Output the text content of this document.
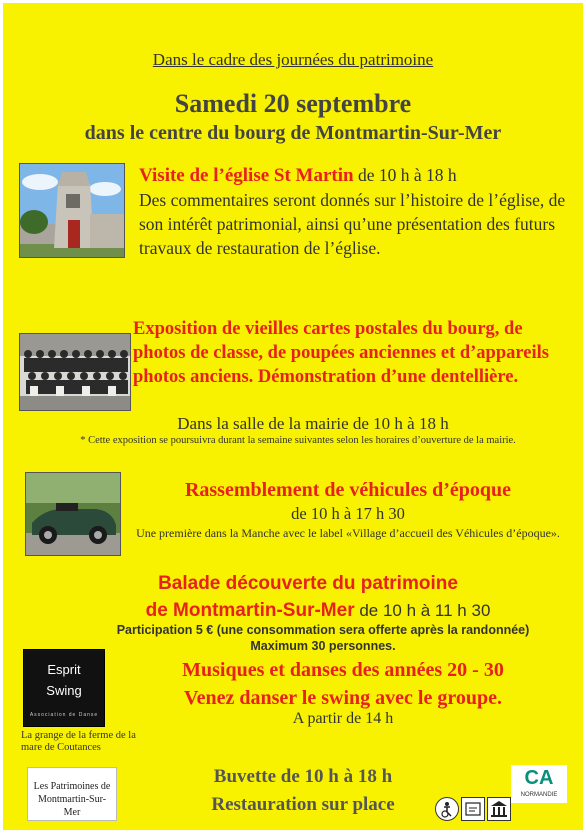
Dans le cadre des journées du patrimoine
Samedi 20 septembre
dans le centre du bourg de Montmartin-Sur-Mer
Visite de l’église St Martin de 10 h à 18 h
Des commentaires seront donnés sur l’histoire de l’église, de son intérêt patrimonial, ainsi qu’une présentation des futurs travaux de restauration de l’église.
Exposition de vieilles cartes postales du bourg, de photos de classe, de poupées anciennes et d’appareils photos anciens. Démonstration d’une dentellière.
Dans la salle de la mairie de 10 h à 18 h
* Cette exposition se poursuivra durant la semaine suivantes selon les horaires d’ouverture de la mairie.
Rassemblement de véhicules d’époque
de 10 h à 17 h 30
Une première dans la Manche avec le label «Village d’accueil des Véhicules d’époque».
Balade découverte du patrimoine
de Montmartin-Sur-Mer de 10 h à 11 h 30
Participation 5 € (une consommation sera offerte après la randonnée)
Maximum 30 personnes.
Esprit
Swing
Association de Danse
La grange de la ferme de la mare de Coutances
Musiques et danses des années 20 - 30
Venez danser le swing avec le groupe.
A partir de 14 h
Les Patrimoines de Montmartin-Sur-Mer
Buvette de 10 h à 18 h
Restauration sur place
CA
NORMANDIE
